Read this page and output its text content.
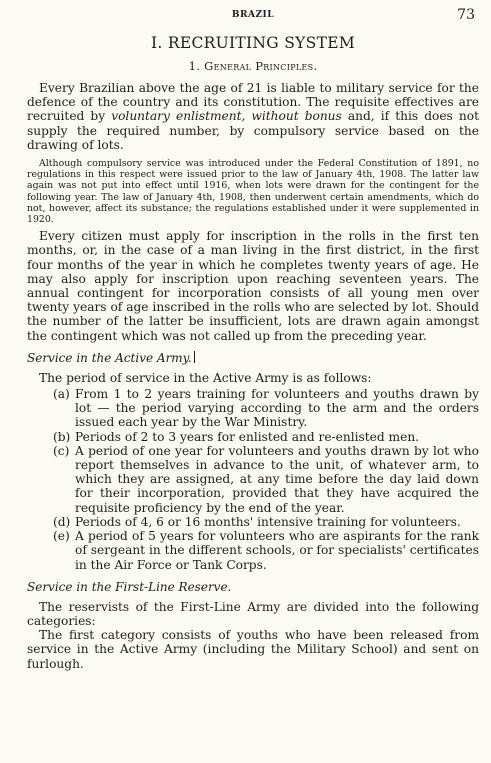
BRAZIL	73
I. RECRUITING SYSTEM
1. General Principles.

Every Brazilian above the age of 21 is liable to military service for the defence of the country and its constitution. The requisite effectives are recruited by voluntary enlistment, without bonus and, if this does not supply the required number, by compulsory service based on the drawing of lots.

Although compulsory service was introduced under the Federal Constitution of 1891, no regulations in this respect were issued prior to the law of January 4th, 1908. The latter law again was not put into effect until 1916, when lots were drawn for the contingent for the following year. The law of January 4th, 1908, then underwent certain amendments, which do not, however, affect its substance; the regulations established under it were supplemented in 1920.

Every citizen must apply for inscription in the rolls in the first ten months, or, in the case of a man living in the first district, in the first four months of the year in which he completes twenty years of age. He may also apply for inscription upon reaching seventeen years. The annual contingent for incorporation consists of all young men over twenty years of age inscribed in the rolls who are selected by lot. Should the number of the latter be insufficient, lots are drawn again amongst the contingent which was not called up from the preceding year.

Service in the Active Army.

The period of service in the Active Army is as follows:

(a) From 1 to 2 years training for volunteers and youths drawn by lot — the period varying according to the arm and the orders issued each year by the War Ministry.
(b) Periods of 2 to 3 years for enlisted and re-enlisted men.
(c) A period of one year for volunteers and youths drawn by lot who report themselves in advance to the unit, of whatever arm, to which they are assigned, at any time before the day laid down for their incorporation, provided that they have acquired the requisite proficiency by the end of the year.
(d) Periods of 4, 6 or 16 months' intensive training for volunteers.
(e) A period of 5 years for volunteers who are aspirants for the rank of sergeant in the different schools, or for specialists' certificates in the Air Force or Tank Corps.
Service in the First-Line Reserve.

The reservists of the First-Line Army are divided into the following categories:

The first category consists of youths who have been released from service in the Active Army (including the Military School) and sent on furlough.
